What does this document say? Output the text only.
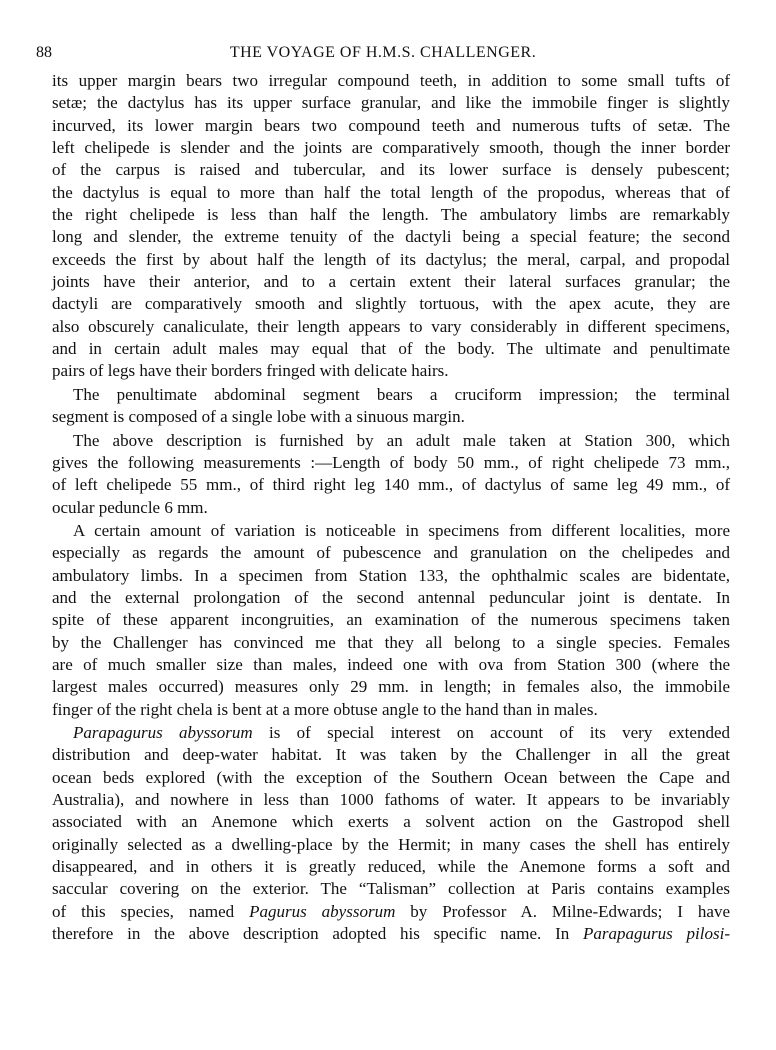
88	THE VOYAGE OF H.M.S. CHALLENGER.
its upper margin bears two irregular compound teeth, in addition to some small tufts of
setæ; the dactylus has its upper surface granular, and like the immobile finger is slightly
incurved, its lower margin bears two compound teeth and numerous tufts of setæ. The
left chelipede is slender and the joints are comparatively smooth, though the inner border
of the carpus is raised and tubercular, and its lower surface is densely pubescent;
the dactylus is equal to more than half the total length of the propodus, whereas that of
the right chelipede is less than half the length. The ambulatory limbs are remarkably
long and slender, the extreme tenuity of the dactyli being a special feature; the second
exceeds the first by about half the length of its dactylus; the meral, carpal, and propodal
joints have their anterior, and to a certain extent their lateral surfaces granular; the
dactyli are comparatively smooth and slightly tortuous, with the apex acute, they are
also obscurely canaliculate, their length appears to vary considerably in different specimens,
and in certain adult males may equal that of the body. The ultimate and penultimate
pairs of legs have their borders fringed with delicate hairs.
The penultimate abdominal segment bears a cruciform impression; the terminal
segment is composed of a single lobe with a sinuous margin.
The above description is furnished by an adult male taken at Station 300, which
gives the following measurements :—Length of body 50 mm., of right chelipede 73 mm.,
of left chelipede 55 mm., of third right leg 140 mm., of dactylus of same leg 49 mm., of
ocular peduncle 6 mm.
A certain amount of variation is noticeable in specimens from different localities, more
especially as regards the amount of pubescence and granulation on the chelipedes and
ambulatory limbs. In a specimen from Station 133, the ophthalmic scales are bidentate,
and the external prolongation of the second antennal peduncular joint is dentate. In
spite of these apparent incongruities, an examination of the numerous specimens taken
by the Challenger has convinced me that they all belong to a single species. Females
are of much smaller size than males, indeed one with ova from Station 300 (where the
largest males occurred) measures only 29 mm. in length; in females also, the immobile
finger of the right chela is bent at a more obtuse angle to the hand than in males.
Parapagurus abyssorum is of special interest on account of its very extended
distribution and deep-water habitat. It was taken by the Challenger in all the great
ocean beds explored (with the exception of the Southern Ocean between the Cape and
Australia), and nowhere in less than 1000 fathoms of water. It appears to be invariably
associated with an Anemone which exerts a solvent action on the Gastropod shell
originally selected as a dwelling-place by the Hermit; in many cases the shell has entirely
disappeared, and in others it is greatly reduced, while the Anemone forms a soft and
saccular covering on the exterior. The “Talisman” collection at Paris contains examples
of this species, named Pagurus abyssorum by Professor A. Milne-Edwards; I have
therefore in the above description adopted his specific name. In Parapagurus pilosi-
